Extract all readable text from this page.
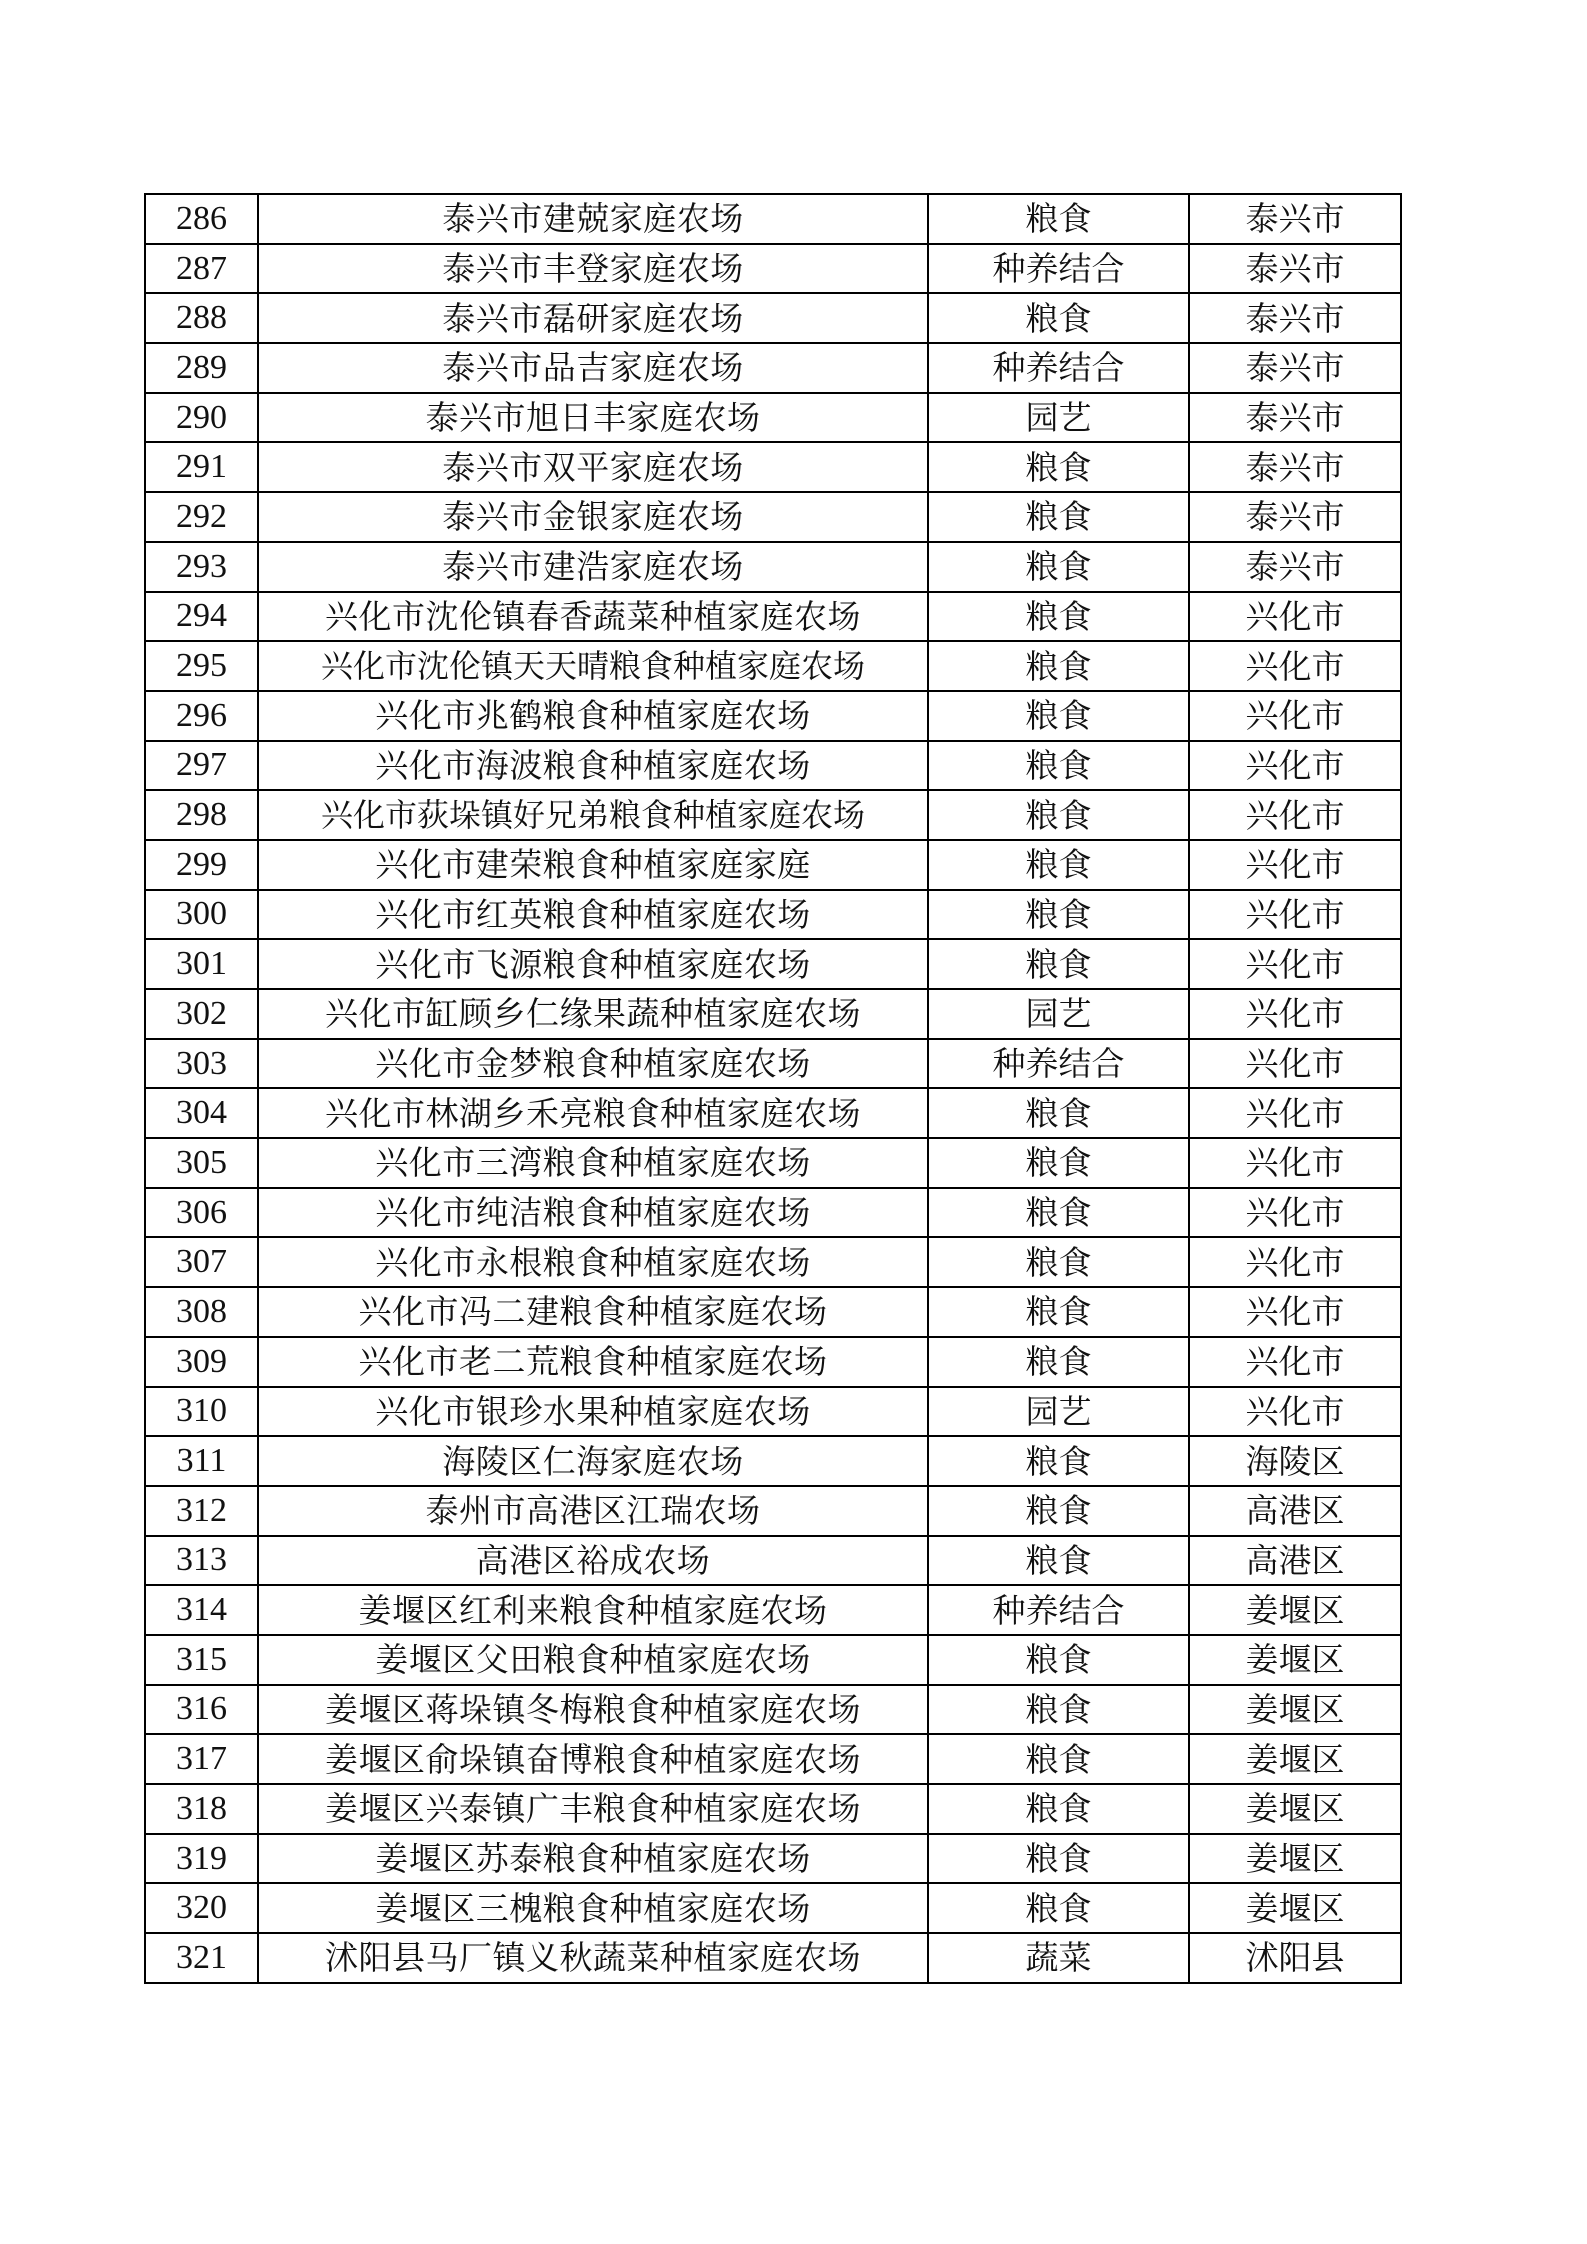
286	泰兴市建兢家庭农场	粮食	泰兴市
287	泰兴市丰登家庭农场	种养结合	泰兴市
288	泰兴市磊研家庭农场	粮食	泰兴市
289	泰兴市品吉家庭农场	种养结合	泰兴市
290	泰兴市旭日丰家庭农场	园艺	泰兴市
291	泰兴市双平家庭农场	粮食	泰兴市
292	泰兴市金银家庭农场	粮食	泰兴市
293	泰兴市建浩家庭农场	粮食	泰兴市
294	兴化市沈伦镇春香蔬菜种植家庭农场	粮食	兴化市
295	兴化市沈伦镇天天晴粮食种植家庭农场	粮食	兴化市
296	兴化市兆鹤粮食种植家庭农场	粮食	兴化市
297	兴化市海波粮食种植家庭农场	粮食	兴化市
298	兴化市荻垛镇好兄弟粮食种植家庭农场	粮食	兴化市
299	兴化市建荣粮食种植家庭家庭	粮食	兴化市
300	兴化市红英粮食种植家庭农场	粮食	兴化市
301	兴化市飞源粮食种植家庭农场	粮食	兴化市
302	兴化市缸顾乡仁缘果蔬种植家庭农场	园艺	兴化市
303	兴化市金梦粮食种植家庭农场	种养结合	兴化市
304	兴化市林湖乡禾亮粮食种植家庭农场	粮食	兴化市
305	兴化市三湾粮食种植家庭农场	粮食	兴化市
306	兴化市纯洁粮食种植家庭农场	粮食	兴化市
307	兴化市永根粮食种植家庭农场	粮食	兴化市
308	兴化市冯二建粮食种植家庭农场	粮食	兴化市
309	兴化市老二荒粮食种植家庭农场	粮食	兴化市
310	兴化市银珍水果种植家庭农场	园艺	兴化市
311	海陵区仁海家庭农场	粮食	海陵区
312	泰州市高港区江瑞农场	粮食	高港区
313	高港区裕成农场	粮食	高港区
314	姜堰区红利来粮食种植家庭农场	种养结合	姜堰区
315	姜堰区父田粮食种植家庭农场	粮食	姜堰区
316	姜堰区蒋垛镇冬梅粮食种植家庭农场	粮食	姜堰区
317	姜堰区俞垛镇奋博粮食种植家庭农场	粮食	姜堰区
318	姜堰区兴泰镇广丰粮食种植家庭农场	粮食	姜堰区
319	姜堰区苏泰粮食种植家庭农场	粮食	姜堰区
320	姜堰区三槐粮食种植家庭农场	粮食	姜堰区
321	沭阳县马厂镇义秋蔬菜种植家庭农场	蔬菜	沭阳县
